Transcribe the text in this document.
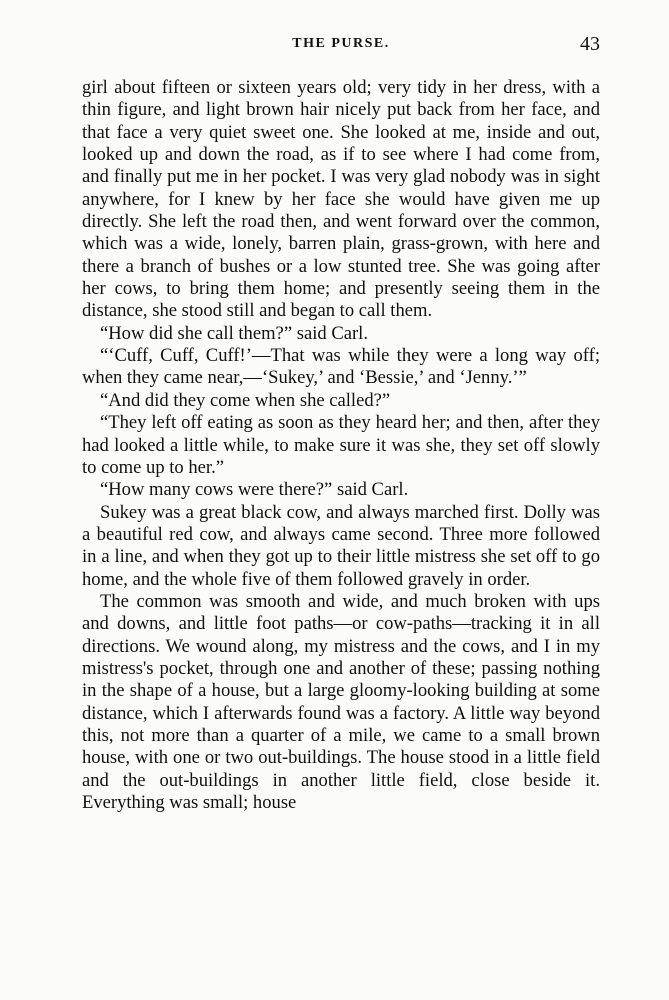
THE PURSE.	43

girl about fifteen or sixteen years old; very tidy in her dress, with a thin figure, and light brown hair nicely put back from her face, and that face a very quiet sweet one. She looked at me, inside and out, looked up and down the road, as if to see where I had come from, and finally put me in her pocket. I was very glad nobody was in sight anywhere, for I knew by her face she would have given me up directly. She left the road then, and went forward over the common, which was a wide, lonely, barren plain, grass-grown, with here and there a branch of bushes or a low stunted tree. She was going after her cows, to bring them home; and presently seeing them in the distance, she stood still and began to call them.

“How did she call them?” said Carl.

“‘Cuff, Cuff, Cuff!’—That was while they were a long way off; when they came near,—‘Sukey,’ and ‘Bessie,’ and ‘Jenny.’”

“And did they come when she called?”

“They left off eating as soon as they heard her; and then, after they had looked a little while, to make sure it was she, they set off slowly to come up to her.”

“How many cows were there?” said Carl.

Sukey was a great black cow, and always marched first. Dolly was a beautiful red cow, and always came second. Three more followed in a line, and when they got up to their little mistress she set off to go home, and the whole five of them followed gravely in order.

The common was smooth and wide, and much broken with ups and downs, and little foot paths—or cow-paths—tracking it in all directions. We wound along, my mistress and the cows, and I in my mistress's pocket, through one and another of these; passing nothing in the shape of a house, but a large gloomy-looking building at some distance, which I afterwards found was a factory. A little way beyond this, not more than a quarter of a mile, we came to a small brown house, with one or two out-buildings. The house stood in a little field and the out-buildings in another little field, close beside it. Everything was small; house
